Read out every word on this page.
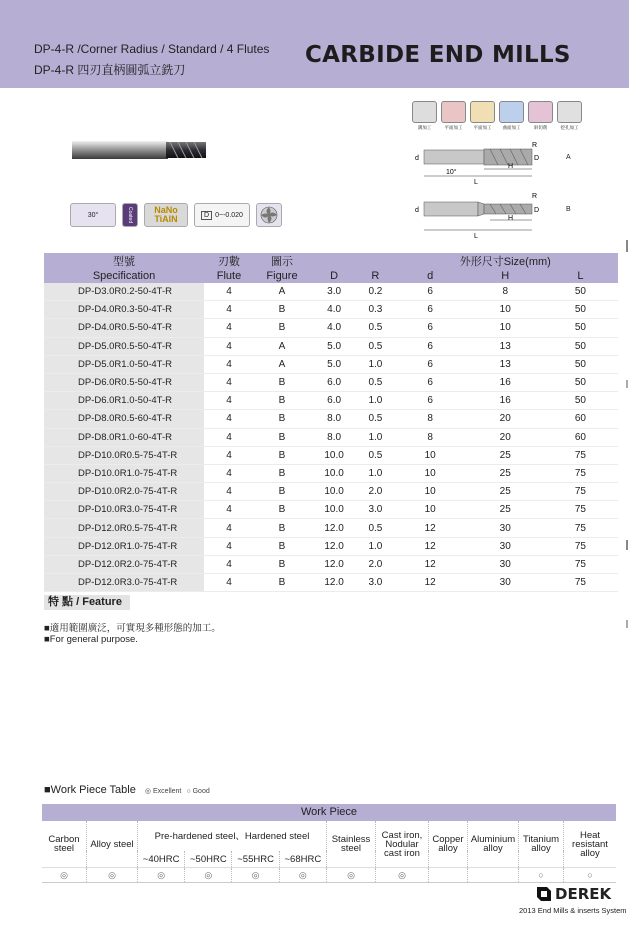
DP-4-R /Corner Radius / Standard / 4 Flutes
DP-4-R 四刃直柄圓弧立銑刀
CARBIDE END MILLS
溝加工	平面加工	平面加工	曲面加工	斜切削	挖孔加工
d	D
R
H
L
10°
d	D
R
H
L
A
B
30°	Coated	NaNo
TiAlN	D 0~-0.020
型號	刃數	圖示			外形尺寸Size(mm)		
Specification	Flute	Figure	D	R	d	H	L
DP-D3.0R0.2-50-4T-R	4	A	3.0	0.2	6	8	50
DP-D4.0R0.3-50-4T-R	4	B	4.0	0.3	6	10	50
DP-D4.0R0.5-50-4T-R	4	B	4.0	0.5	6	10	50
DP-D5.0R0.5-50-4T-R	4	A	5.0	0.5	6	13	50
DP-D5.0R1.0-50-4T-R	4	A	5.0	1.0	6	13	50
DP-D6.0R0.5-50-4T-R	4	B	6.0	0.5	6	16	50
DP-D6.0R1.0-50-4T-R	4	B	6.0	1.0	6	16	50
DP-D8.0R0.5-60-4T-R	4	B	8.0	0.5	8	20	60
DP-D8.0R1.0-60-4T-R	4	B	8.0	1.0	8	20	60
DP-D10.0R0.5-75-4T-R	4	B	10.0	0.5	10	25	75
DP-D10.0R1.0-75-4T-R	4	B	10.0	1.0	10	25	75
DP-D10.0R2.0-75-4T-R	4	B	10.0	2.0	10	25	75
DP-D10.0R3.0-75-4T-R	4	B	10.0	3.0	10	25	75
DP-D12.0R0.5-75-4T-R	4	B	12.0	0.5	12	30	75
DP-D12.0R1.0-75-4T-R	4	B	12.0	1.0	12	30	75
DP-D12.0R2.0-75-4T-R	4	B	12.0	2.0	12	30	75
DP-D12.0R3.0-75-4T-R	4	B	12.0	3.0	12	30	75
特 點 / Feature
■適用範圍廣泛，可實現多種形態的加工。
■For general purpose.
■Work Piece Table ◎ Excellent ○ Good
Work Piece											
Carbon steel	Alloy steel	Pre-hardened steel、Hardened steel				Stainless steel	Cast iron, Nodular cast iron	Copper alloy	Aluminium alloy	Titanium alloy	Heat resistant alloy
		~40HRC	~50HRC	~55HRC	~68HRC						
◎	◎	◎	◎	◎	◎	◎	◎			○	○
DEREK
2013 End Mills & inserts System
